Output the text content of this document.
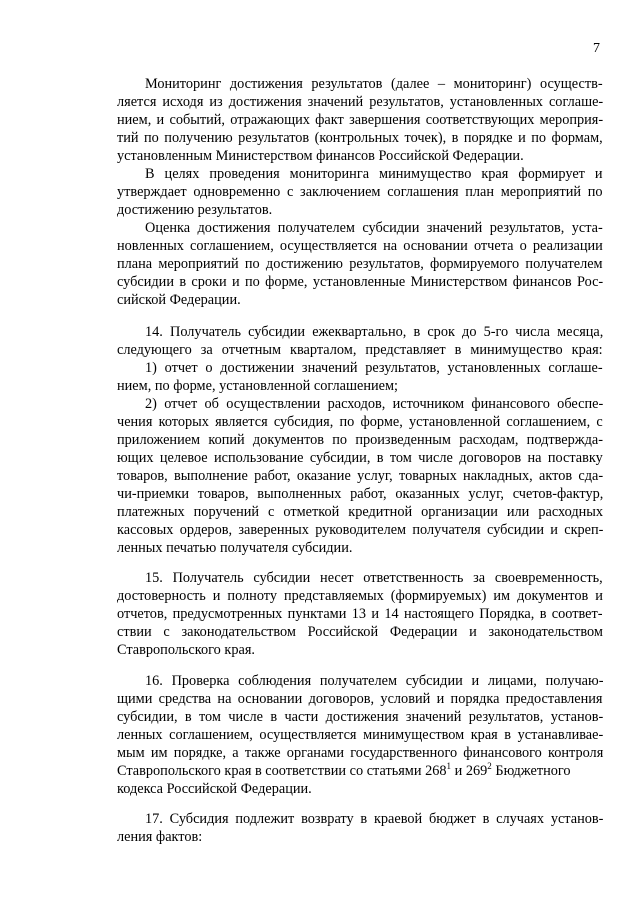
7
Мониторинг достижения результатов (далее – мониторинг) осуществ-
ляется исходя из достижения значений результатов, установленных соглаше-
нием, и событий, отражающих факт завершения соответствующих мероприя-
тий по получению результатов (контрольных точек), в порядке и по формам,
установленным Министерством финансов Российской Федерации.
В целях проведения мониторинга минимущество края формирует и
утверждает одновременно с заключением соглашения план мероприятий по
достижению результатов.
Оценка достижения получателем субсидии значений результатов, уста-
новленных соглашением, осуществляется на основании отчета о реализации
плана мероприятий по достижению результатов, формируемого получателем
субсидии в сроки и по форме, установленные Министерством финансов Рос-
сийской Федерации.
14. Получатель субсидии ежеквартально, в срок до 5-го числа месяца,
следующего за отчетным кварталом, представляет в минимущество края:
1) отчет о достижении значений результатов, установленных соглаше-
нием, по форме, установленной соглашением;
2) отчет об осуществлении расходов, источником финансового обеспе-
чения которых является субсидия, по форме, установленной соглашением, с
приложением копий документов по произведенным расходам, подтвержда-
ющих целевое использование субсидии, в том числе договоров на поставку
товаров, выполнение работ, оказание услуг, товарных накладных, актов сда-
чи-приемки товаров, выполненных работ, оказанных услуг, счетов-фактур,
платежных поручений с отметкой кредитной организации или расходных
кассовых ордеров, заверенных руководителем получателя субсидии и скреп-
ленных печатью получателя субсидии.
15. Получатель субсидии несет ответственность за своевременность,
достоверность и полноту представляемых (формируемых) им документов и
отчетов, предусмотренных пунктами 13 и 14 настоящего Порядка, в соответ-
ствии с законодательством Российской Федерации и законодательством
Ставропольского края.
16. Проверка соблюдения получателем субсидии и лицами, получаю-
щими средства на основании договоров, условий и порядка предоставления
субсидии, в том числе в части достижения значений результатов, установ-
ленных соглашением, осуществляется минимуществом края в устанавливае-
мым им порядке, а также органами государственного финансового контроля
Ставропольского края в соответствии со статьями $268^1$ и $269^2$ Бюджетного
кодекса Российской Федерации.
17. Субсидия подлежит возврату в краевой бюджет в случаях установ-
ления фактов:
